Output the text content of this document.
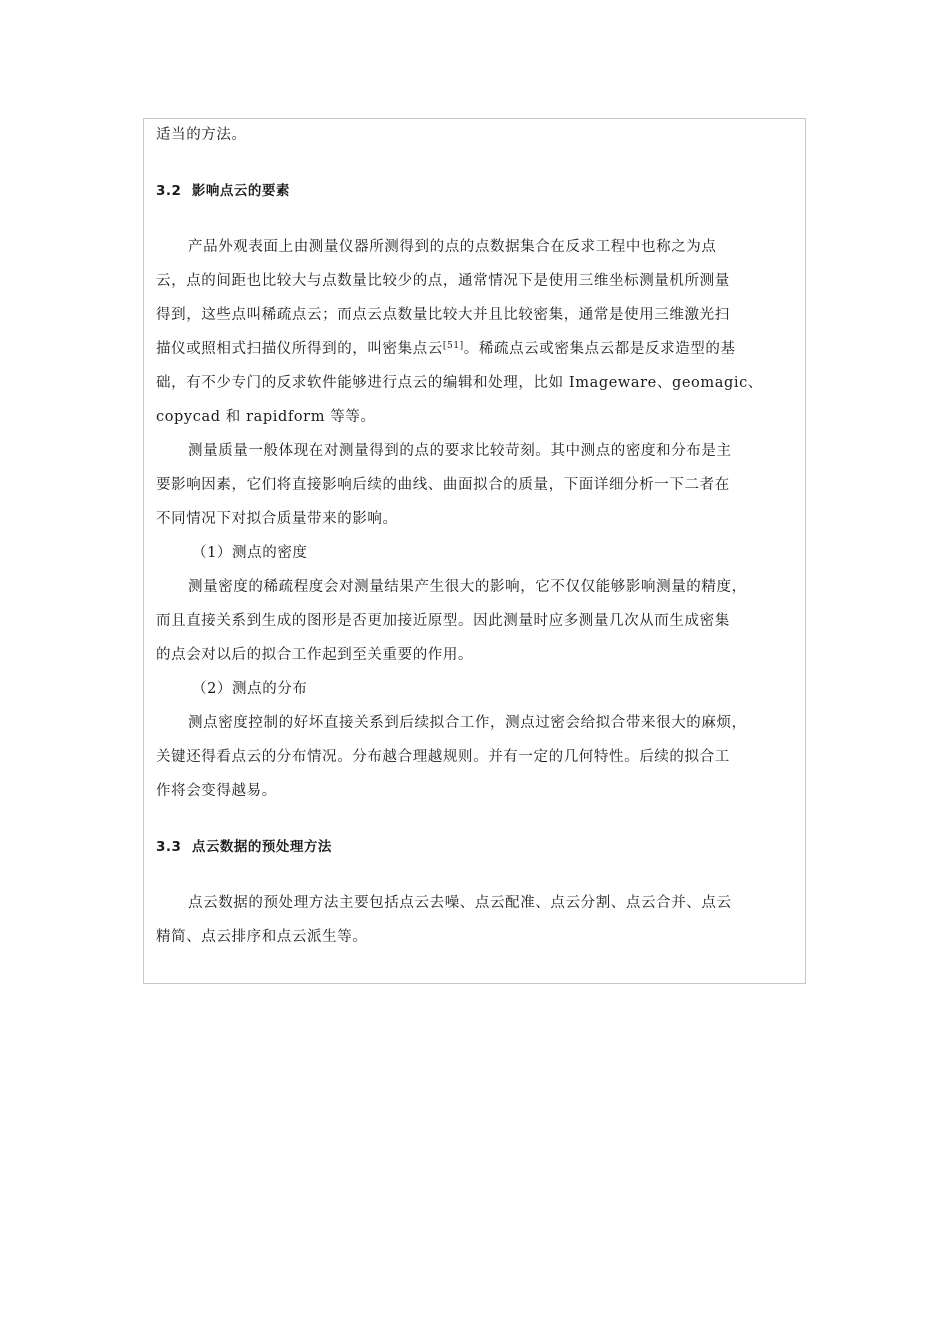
适当的方法。
3.2 影响点云的要素
产品外观表面上由测量仪器所测得到的点的点数据集合在反求工程中也称之为点
云，点的间距也比较大与点数量比较少的点，通常情况下是使用三维坐标测量机所测量
得到，这些点叫稀疏点云；而点云点数量比较大并且比较密集，通常是使用三维激光扫
描仪或照相式扫描仪所得到的，叫密集点云[51]。稀疏点云或密集点云都是反求造型的基
础，有不少专门的反求软件能够进行点云的编辑和处理，比如 Imageware、geomagic、
copycad 和 rapidform 等等。
测量质量一般体现在对测量得到的点的要求比较苛刻。其中测点的密度和分布是主
要影响因素，它们将直接影响后续的曲线、曲面拟合的质量，下面详细分析一下二者在
不同情况下对拟合质量带来的影响。
（1）测点的密度
测量密度的稀疏程度会对测量结果产生很大的影响，它不仅仅能够影响测量的精度，
而且直接关系到生成的图形是否更加接近原型。因此测量时应多测量几次从而生成密集
的点会对以后的拟合工作起到至关重要的作用。
（2）测点的分布
测点密度控制的好坏直接关系到后续拟合工作，测点过密会给拟合带来很大的麻烦，
关键还得看点云的分布情况。分布越合理越规则。并有一定的几何特性。后续的拟合工
作将会变得越易。
3.3 点云数据的预处理方法
点云数据的预处理方法主要包括点云去噪、点云配准、点云分割、点云合并、点云
精简、点云排序和点云派生等。
